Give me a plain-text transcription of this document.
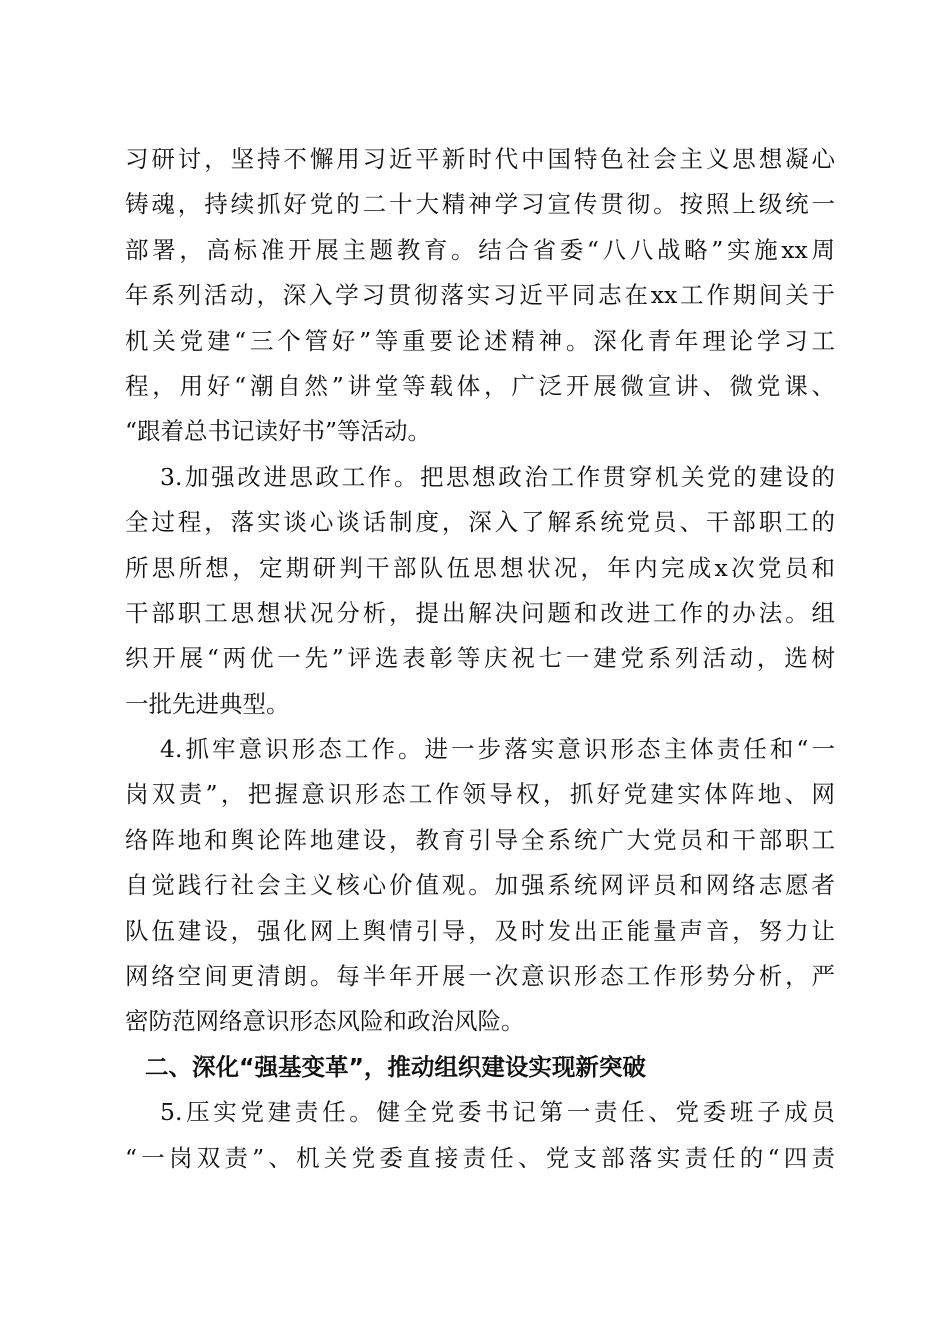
习研讨，坚持不懈用习近平新时代中国特色社会主义思想凝心
铸魂，持续抓好党的二十大精神学习宣传贯彻。按照上级统一
部署，高标准开展主题教育。结合省委“八八战略”实施xx周
年系列活动，深入学习贯彻落实习近平同志在xx工作期间关于
机关党建“三个管好”等重要论述精神。深化青年理论学习工
程，用好“潮自然”讲堂等载体，广泛开展微宣讲、微党课、
“跟着总书记读好书”等活动。
3.加强改进思政工作。把思想政治工作贯穿机关党的建设的
全过程，落实谈心谈话制度，深入了解系统党员、干部职工的
所思所想，定期研判干部队伍思想状况，年内完成x次党员和
干部职工思想状况分析，提出解决问题和改进工作的办法。组
织开展“两优一先”评选表彰等庆祝七一建党系列活动，选树
一批先进典型。
4.抓牢意识形态工作。进一步落实意识形态主体责任和“一
岗双责”，把握意识形态工作领导权，抓好党建实体阵地、网
络阵地和舆论阵地建设，教育引导全系统广大党员和干部职工
自觉践行社会主义核心价值观。加强系统网评员和网络志愿者
队伍建设，强化网上舆情引导，及时发出正能量声音，努力让
网络空间更清朗。每半年开展一次意识形态工作形势分析，严
密防范网络意识形态风险和政治风险。
二、深化“强基变革”，推动组织建设实现新突破
5.压实党建责任。健全党委书记第一责任、党委班子成员
“一岗双责”、机关党委直接责任、党支部落实责任的“四责
